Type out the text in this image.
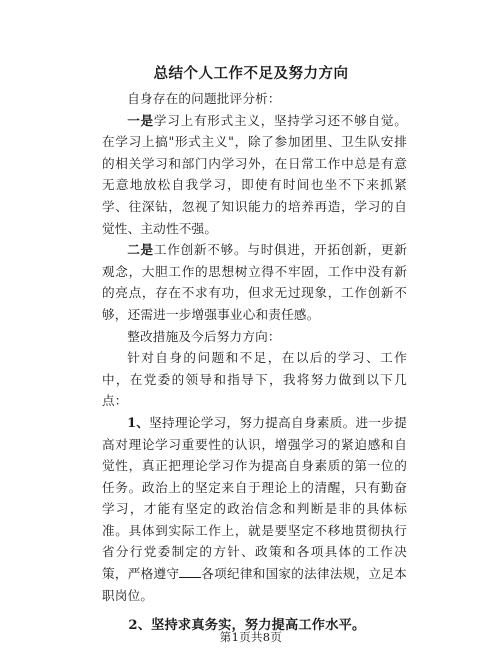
总结个人工作不足及努力方向

自身存在的问题批评分析：

一是学习上有形式主义，坚持学习还不够自觉。在学习上搞"形式主义"，除了参加团里、卫生队安排的相关学习和部门内学习外，在日常工作中总是有意无意地放松自我学习，即使有时间也坐不下来抓紧学、往深钻，忽视了知识能力的培养再造，学习的自觉性、主动性不强。

二是工作创新不够。与时俱进，开拓创新，更新观念，大胆工作的思想树立得不牢固，工作中没有新的亮点，存在不求有功，但求无过现象，工作创新不够，还需进一步增强事业心和责任感。

整改措施及今后努力方向：

针对自身的问题和不足，在以后的学习、工作中，在党委的领导和指导下，我将努力做到以下几点：

1、坚持理论学习，努力提高自身素质。进一步提高对理论学习重要性的认识，增强学习的紧迫感和自觉性，真正把理论学习作为提高自身素质的第一位的任务。政治上的坚定来自于理论上的清醒，只有勤奋学习，才能有坚定的政治信念和判断是非的具体标准。具体到实际工作上，就是要坚定不移地贯彻执行省分行党委制定的方针、政策和各项具体的工作决策，严格遵守 各项纪律和国家的法律法规，立足本职岗位。

2、坚持求真务实，努力提高工作水平。

第1页共8页
